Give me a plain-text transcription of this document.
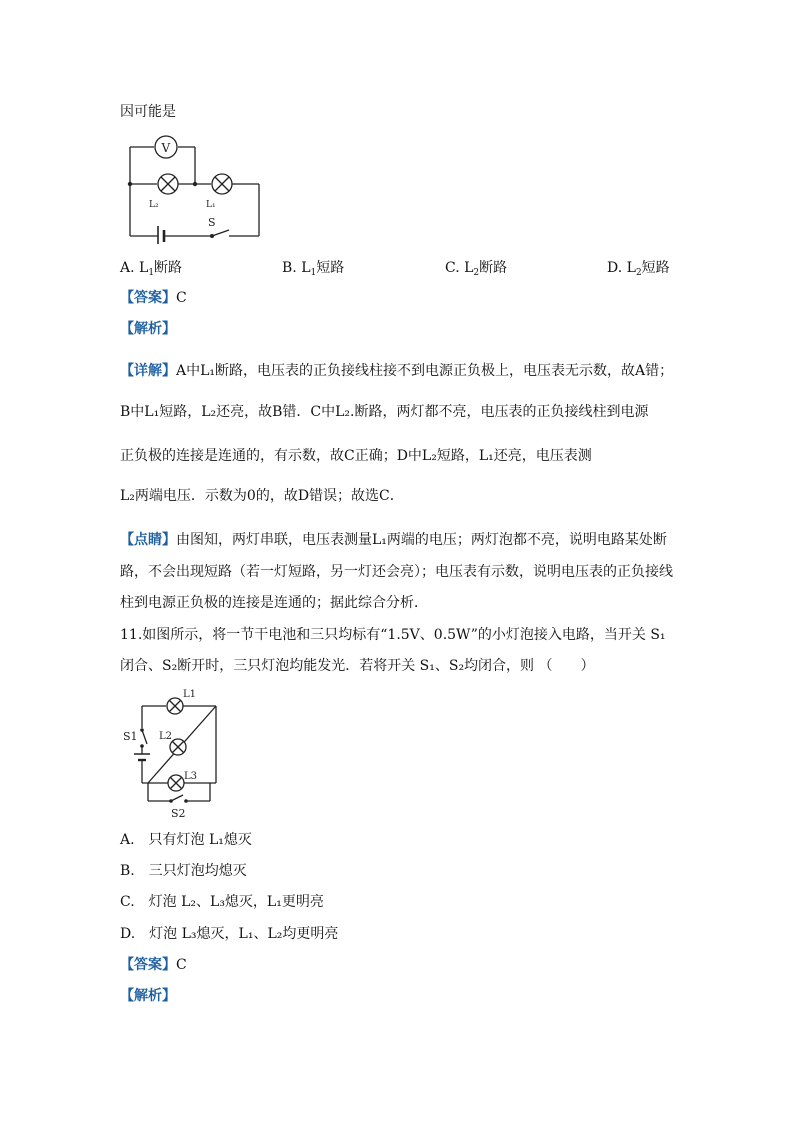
因可能是

V
L₂	L₁
S

A. $L_1$断路	B. $L_1$短路	C. $L_2$断路	D. $L_2$短路

【答案】C

【解析】

【详解】A中L₁断路，电压表的正负接线柱接不到电源正负极上，电压表无示数，故A错；

B中L₁短路，L₂还亮，故B错．C中L₂.断路，两灯都不亮，电压表的正负接线柱到电源

正负极的连接是连通的，有示数，故C正确；D中L₂短路，L₁还亮，电压表测

L₂两端电压．示数为0的，故D错误；故选C．

【点睛】由图知，两灯串联，电压表测量L₁两端的电压；两灯泡都不亮，说明电路某处断

路，不会出现短路（若一灯短路，另一灯还会亮）；电压表有示数，说明电压表的正负接线

柱到电源正负极的连接是连通的；据此综合分析．

11.如图所示，将一节干电池和三只均标有“1.5V、0.5W”的小灯泡接入电路，当开关 S₁

闭合、S₂断开时，三只灯泡均能发光．若将开关 S₁、S₂均闭合，则 （　　）

L1
S1 L2
L3
S2

A.　只有灯泡 L₁熄灭

B.　三只灯泡均熄灭

C.　灯泡 L₂、L₃熄灭，L₁更明亮

D.　灯泡 L₃熄灭，L₁、L₂均更明亮

【答案】C

【解析】
